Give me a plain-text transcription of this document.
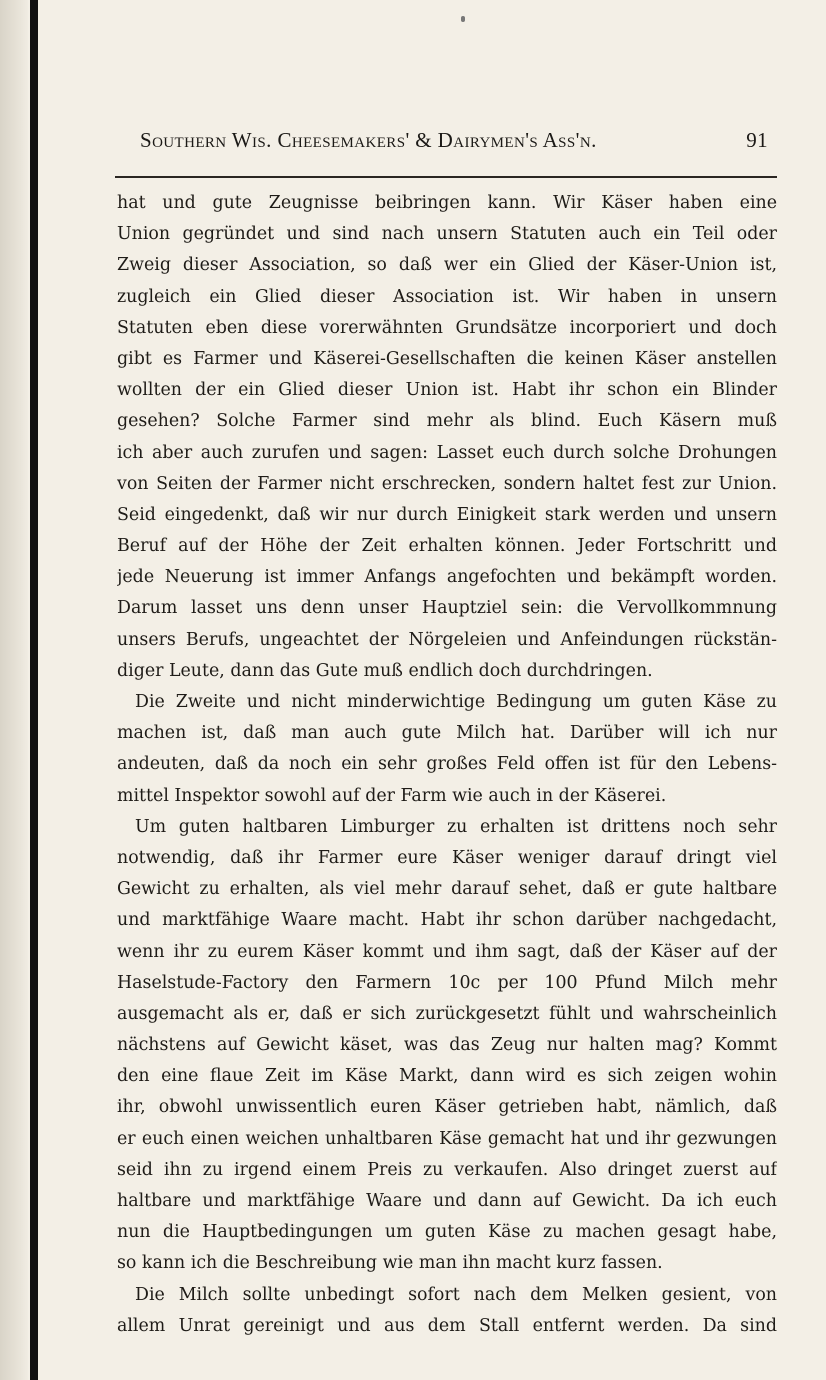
Southern Wis. Cheesemakers' & Dairymen's Ass'n.	91
hat und gute Zeugnisse beibringen kann. Wir Käser haben eine
Union gegründet und sind nach unsern Statuten auch ein Teil oder
Zweig dieser Association, so daß wer ein Glied der Käser-Union ist,
zugleich ein Glied dieser Association ist. Wir haben in unsern
Statuten eben diese vorerwähnten Grundsätze incorporiert und doch
gibt es Farmer und Käserei-Gesellschaften die keinen Käser anstellen
wollten der ein Glied dieser Union ist. Habt ihr schon ein Blinder
gesehen? Solche Farmer sind mehr als blind. Euch Käsern muß
ich aber auch zurufen und sagen: Lasset euch durch solche Drohungen
von Seiten der Farmer nicht erschrecken, sondern haltet fest zur Union.
Seid eingedenkt, daß wir nur durch Einigkeit stark werden und unsern
Beruf auf der Höhe der Zeit erhalten können. Jeder Fortschritt und
jede Neuerung ist immer Anfangs angefochten und bekämpft worden.
Darum lasset uns denn unser Hauptziel sein: die Vervollkommnung
unsers Berufs, ungeachtet der Nörgeleien und Anfeindungen rückstän-
diger Leute, dann das Gute muß endlich doch durchdringen.
Die Zweite und nicht minderwichtige Bedingung um guten Käse zu
machen ist, daß man auch gute Milch hat. Darüber will ich nur
andeuten, daß da noch ein sehr großes Feld offen ist für den Lebens-
mittel Inspektor sowohl auf der Farm wie auch in der Käserei.
Um guten haltbaren Limburger zu erhalten ist drittens noch sehr
notwendig, daß ihr Farmer eure Käser weniger darauf dringt viel
Gewicht zu erhalten, als viel mehr darauf sehet, daß er gute haltbare
und marktfähige Waare macht. Habt ihr schon darüber nachgedacht,
wenn ihr zu eurem Käser kommt und ihm sagt, daß der Käser auf der
Haselstude-Factory den Farmern 10c per 100 Pfund Milch mehr
ausgemacht als er, daß er sich zurückgesetzt fühlt und wahrscheinlich
nächstens auf Gewicht käset, was das Zeug nur halten mag? Kommt
den eine flaue Zeit im Käse Markt, dann wird es sich zeigen wohin
ihr, obwohl unwissentlich euren Käser getrieben habt, nämlich, daß
er euch einen weichen unhaltbaren Käse gemacht hat und ihr gezwungen
seid ihn zu irgend einem Preis zu verkaufen. Also dringet zuerst auf
haltbare und marktfähige Waare und dann auf Gewicht. Da ich euch
nun die Hauptbedingungen um guten Käse zu machen gesagt habe,
so kann ich die Beschreibung wie man ihn macht kurz fassen.
Die Milch sollte unbedingt sofort nach dem Melken gesient, von
allem Unrat gereinigt und aus dem Stall entfernt werden. Da sind
